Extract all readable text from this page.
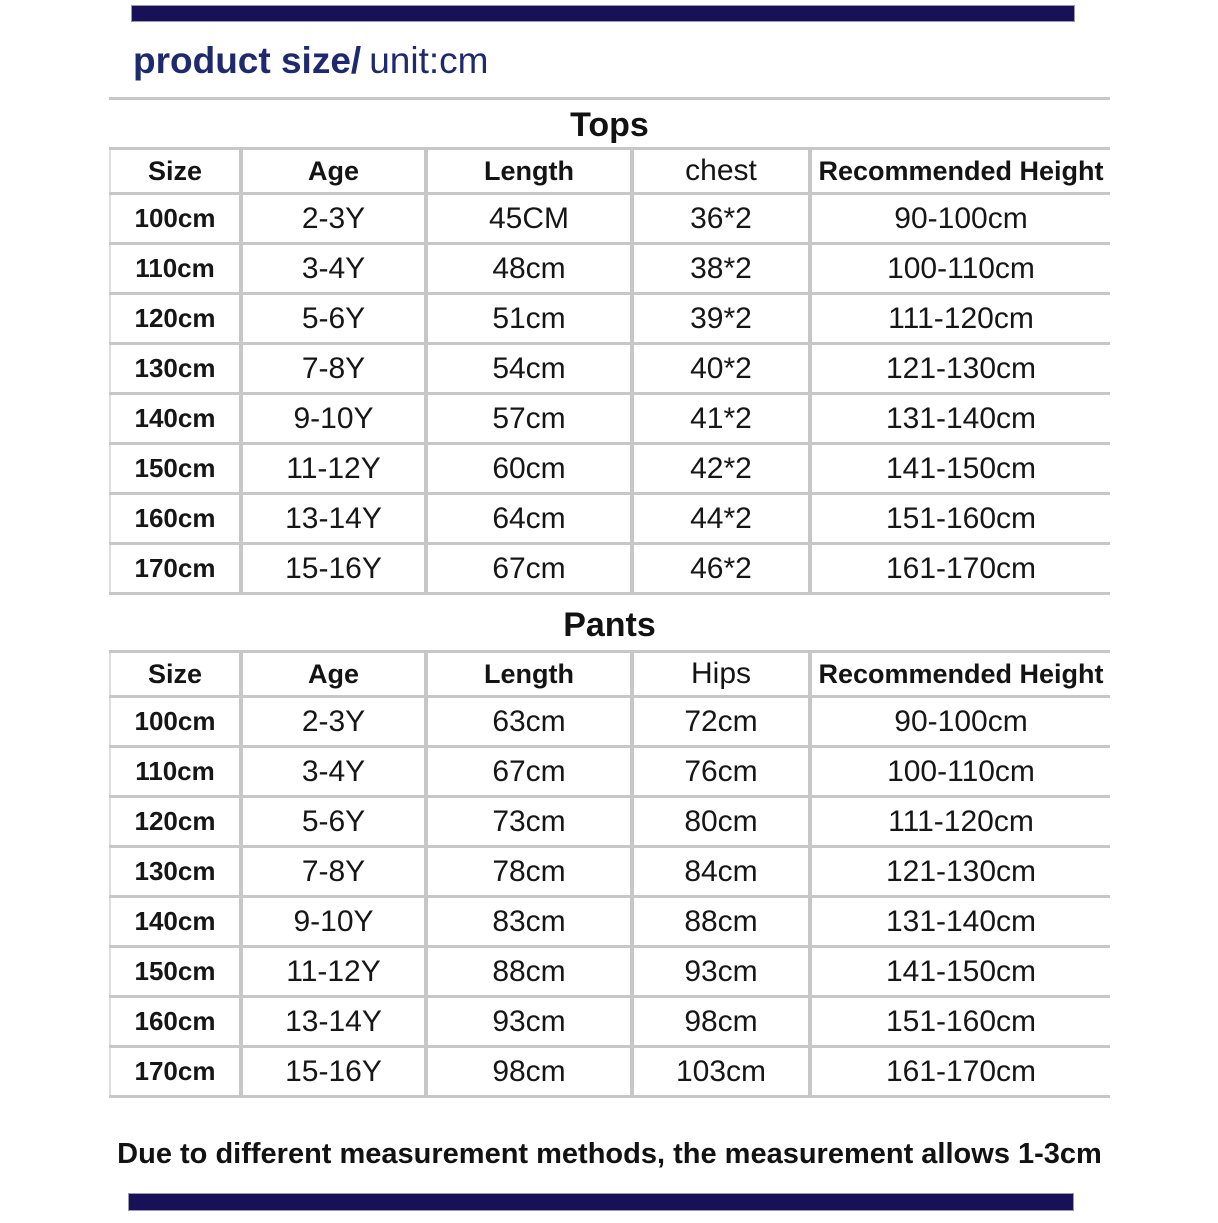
product size/ unit:cm
Tops
Size	Age	Length	chest	Recommended Height
100cm	2-3Y	45CM	36*2	90-100cm
110cm	3-4Y	48cm	38*2	100-110cm
120cm	5-6Y	51cm	39*2	111-120cm
130cm	7-8Y	54cm	40*2	121-130cm
140cm	9-10Y	57cm	41*2	131-140cm
150cm	11-12Y	60cm	42*2	141-150cm
160cm	13-14Y	64cm	44*2	151-160cm
170cm	15-16Y	67cm	46*2	161-170cm
Pants
Size	Age	Length	Hips	Recommended Height
100cm	2-3Y	63cm	72cm	90-100cm
110cm	3-4Y	67cm	76cm	100-110cm
120cm	5-6Y	73cm	80cm	111-120cm
130cm	7-8Y	78cm	84cm	121-130cm
140cm	9-10Y	83cm	88cm	131-140cm
150cm	11-12Y	88cm	93cm	141-150cm
160cm	13-14Y	93cm	98cm	151-160cm
170cm	15-16Y	98cm	103cm	161-170cm
Due to different measurement methods, the measurement allows 1-3cm
